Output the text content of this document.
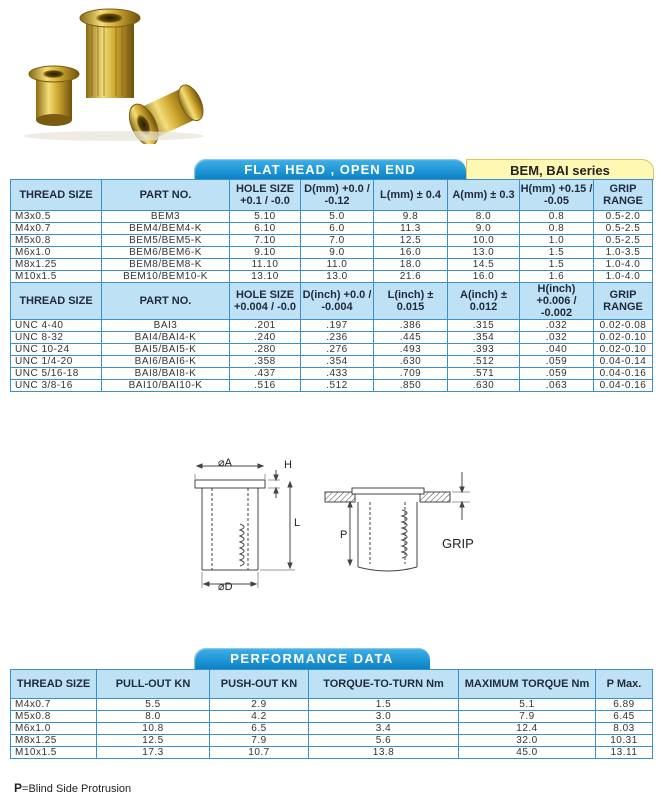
FLAT HEAD , OPEN END	BEM, BAI series
THREAD SIZE	PART NO.	HOLE SIZE +0.1 / -0.0	D(mm) +0.0 / -0.12	L(mm) ± 0.4	A(mm) ± 0.3	H(mm) +0.15 / -0.05	GRIP RANGE
M3x0.5	BEM3	5.10	5.0	9.8	8.0	0.8	0.5-2.0
M4x0.7	BEM4/BEM4-K	6.10	6.0	11.3	9.0	0.8	0.5-2.5
M5x0.8	BEM5/BEM5-K	7.10	7.0	12.5	10.0	1.0	0.5-2.5
M6x1.0	BEM6/BEM6-K	9.10	9.0	16.0	13.0	1.5	1.0-3.5
M8x1.25	BEM8/BEM8-K	11.10	11.0	18.0	14.5	1.5	1.0-4.0
M10x1.5	BEM10/BEM10-K	13.10	13.0	21.6	16.0	1.6	1.0-4.0
THREAD SIZE	PART NO.	HOLE SIZE +0.004 / -0.0	D(inch) +0.0 / -0.004	L(inch) ± 0.015	A(inch) ± 0.012	H(inch) +0.006 / -0.002	GRIP RANGE
UNC 4-40	BAI3	.201	.197	.386	.315	.032	0.02-0.08
UNC 8-32	BAI4/BAI4-K	.240	.236	.445	.354	.032	0.02-0.10
UNC 10-24	BAI5/BAI5-K	.280	.276	.493	.393	.040	0.02-0.10
UNC 1/4-20	BAI6/BAI6-K	.358	.354	.630	.512	.059	0.04-0.14
UNC 5/16-18	BAI8/BAI8-K	.437	.433	.709	.571	.059	0.04-0.16
UNC 3/8-16	BAI10/BAI10-K	.516	.512	.850	.630	.063	0.04-0.16
⌀A	H
L
⌀D
P
GRIP
PERFORMANCE DATA
THREAD SIZE	PULL-OUT KN	PUSH-OUT KN	TORQUE-TO-TURN Nm	MAXIMUM TORQUE Nm	P Max.
M4x0.7	5.5	2.9	1.5	5.1	6.89
M5x0.8	8.0	4.2	3.0	7.9	6.45
M6x1.0	10.8	6.5	3.4	12.4	8.03
M8x1.25	12.5	7.9	5.6	32.0	10.31
M10x1.5	17.3	10.7	13.8	45.0	13.11
P=Blind Side Protrusion
